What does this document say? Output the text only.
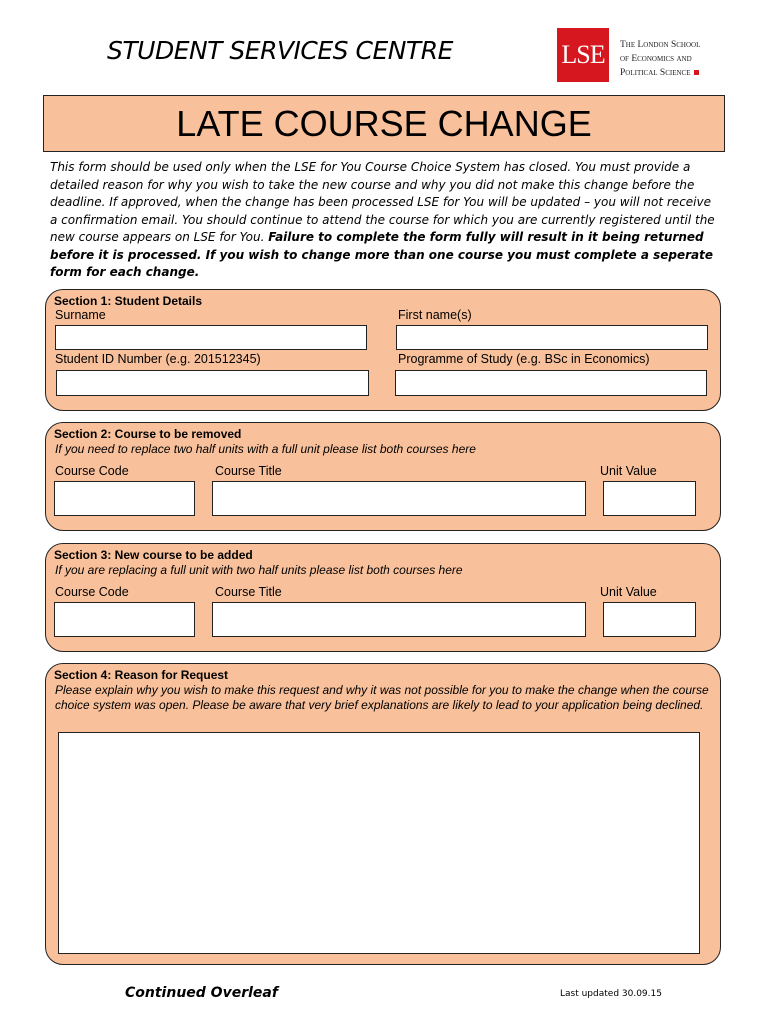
STUDENT SERVICES CENTRE	LSE	The London School
of Economics and
Political Science
LATE COURSE CHANGE
This form should be used only when the LSE for You Course Choice System has closed. You must provide a detailed reason for why you wish to take the new course and why you did not make this change before the deadline. If approved, when the change has been processed LSE for You will be updated – you will not receive a confirmation email. You should continue to attend the course for which you are currently registered until the new course appears on LSE for You. Failure to complete the form fully will result in it being returned before it is processed. If you wish to change more than one course you must complete a seperate form for each change.
Section 1: Student Details
Surname	First name(s)
Student ID Number (e.g. 201512345)	Programme of Study (e.g. BSc in Economics)
Section 2: Course to be removed
If you need to replace two half units with a full unit please list both courses here
Course Code	Course Title	Unit Value
Section 3: New course to be added
If you are replacing a full unit with two half units please list both courses here
Course Code	Course Title	Unit Value
Section 4: Reason for Request
Please explain why you wish to make this request and why it was not possible for you to make the change when the course choice system was open. Please be aware that very brief explanations are likely to lead to your application being declined.
Continued Overleaf	Last updated 30.09.15
